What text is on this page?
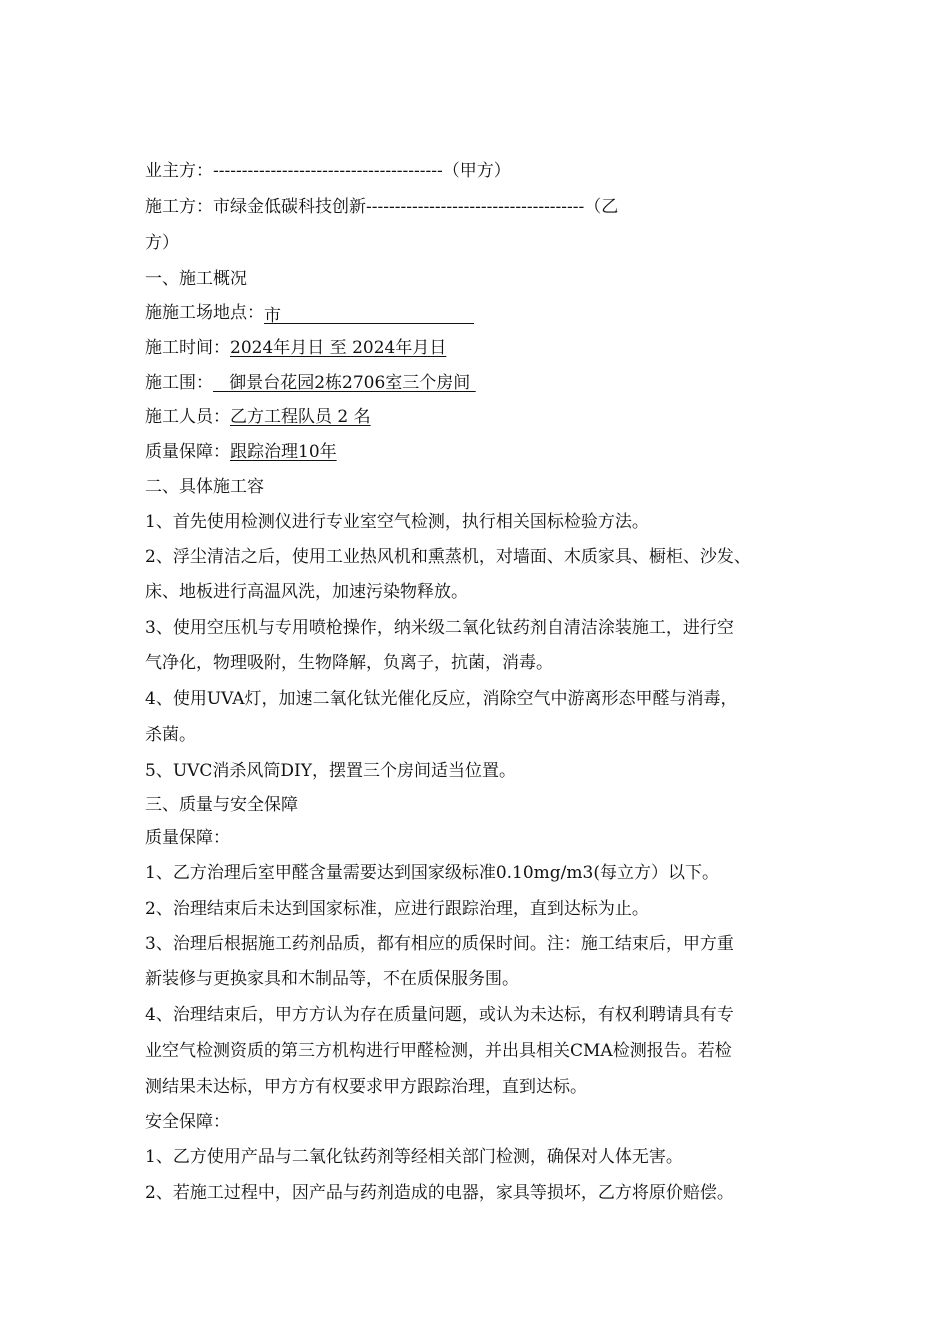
业主方：----------------------------------------（甲方）
施工方：市绿金低碳科技创新--------------------------------------（乙
方）
一、施工概况
施施工场地点：市
施工时间：2024年月日 至 2024年月日
施工围：   御景台花园2栋2706室三个房间
施工人员：乙方工程队员 2 名
质量保障：跟踪治理10年
二、具体施工容
1、首先使用检测仪进行专业室空气检测，执行相关国标检验方法。
2、浮尘清洁之后，使用工业热风机和熏蒸机，对墙面、木质家具、橱柜、沙发、
床、地板进行高温风洗，加速污染物释放。
3、使用空压机与专用喷枪操作，纳米级二氧化钛药剂自清洁涂装施工，进行空
气净化，物理吸附，生物降解，负离子，抗菌，消毒。
4、使用UVA灯，加速二氧化钛光催化反应，消除空气中游离形态甲醛与消毒，
杀菌。
5、UVC消杀风筒DIY，摆置三个房间适当位置。
三、质量与安全保障
质量保障：
1、乙方治理后室甲醛含量需要达到国家级标准0.10mg/m3(每立方）以下。
2、治理结束后未达到国家标准，应进行跟踪治理，直到达标为止。
3、治理后根据施工药剂品质，都有相应的质保时间。注：施工结束后，甲方重
新装修与更换家具和木制品等，不在质保服务围。
4、治理结束后，甲方方认为存在质量问题，或认为未达标，有权利聘请具有专
业空气检测资质的第三方机构进行甲醛检测，并出具相关CMA检测报告。若检
测结果未达标，甲方方有权要求甲方跟踪治理，直到达标。
安全保障：
1、乙方使用产品与二氧化钛药剂等经相关部门检测，确保对人体无害。
2、若施工过程中，因产品与药剂造成的电器，家具等损坏，乙方将原价赔偿。
